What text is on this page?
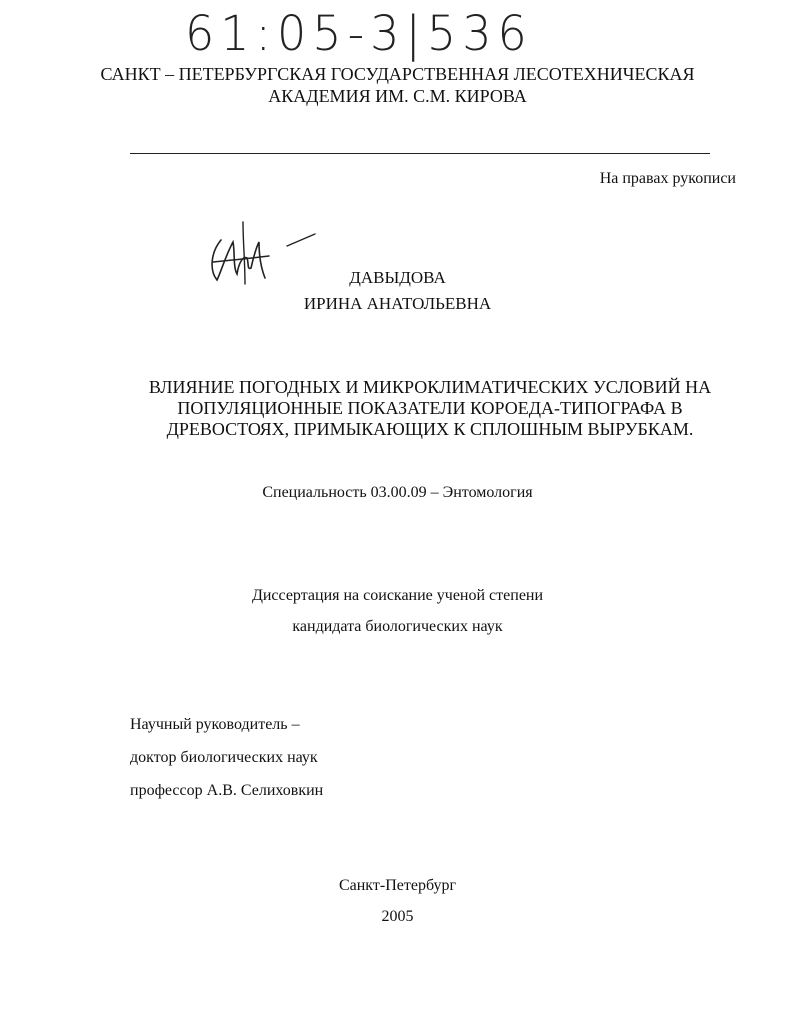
61:05-3|536
САНКТ – ПЕТЕРБУРГСКАЯ ГОСУДАРСТВЕННАЯ ЛЕСОТЕХНИЧЕСКАЯ
АКАДЕМИЯ ИМ. С.М. КИРОВА
На правах рукописи
ДАВЫДОВА
ИРИНА АНАТОЛЬЕВНА
ВЛИЯНИЕ ПОГОДНЫХ И МИКРОКЛИМАТИЧЕСКИХ УСЛОВИЙ НА
ПОПУЛЯЦИОННЫЕ ПОКАЗАТЕЛИ КОРОЕДА-ТИПОГРАФА В
ДРЕВОСТОЯХ, ПРИМЫКАЮЩИХ К СПЛОШНЫМ ВЫРУБКАМ.
Специальность 03.00.09 – Энтомология
Диссертация на соискание ученой степени
кандидата биологических наук
Научный руководитель –
доктор биологических наук
профессор А.В. Селиховкин
Санкт-Петербург
2005
